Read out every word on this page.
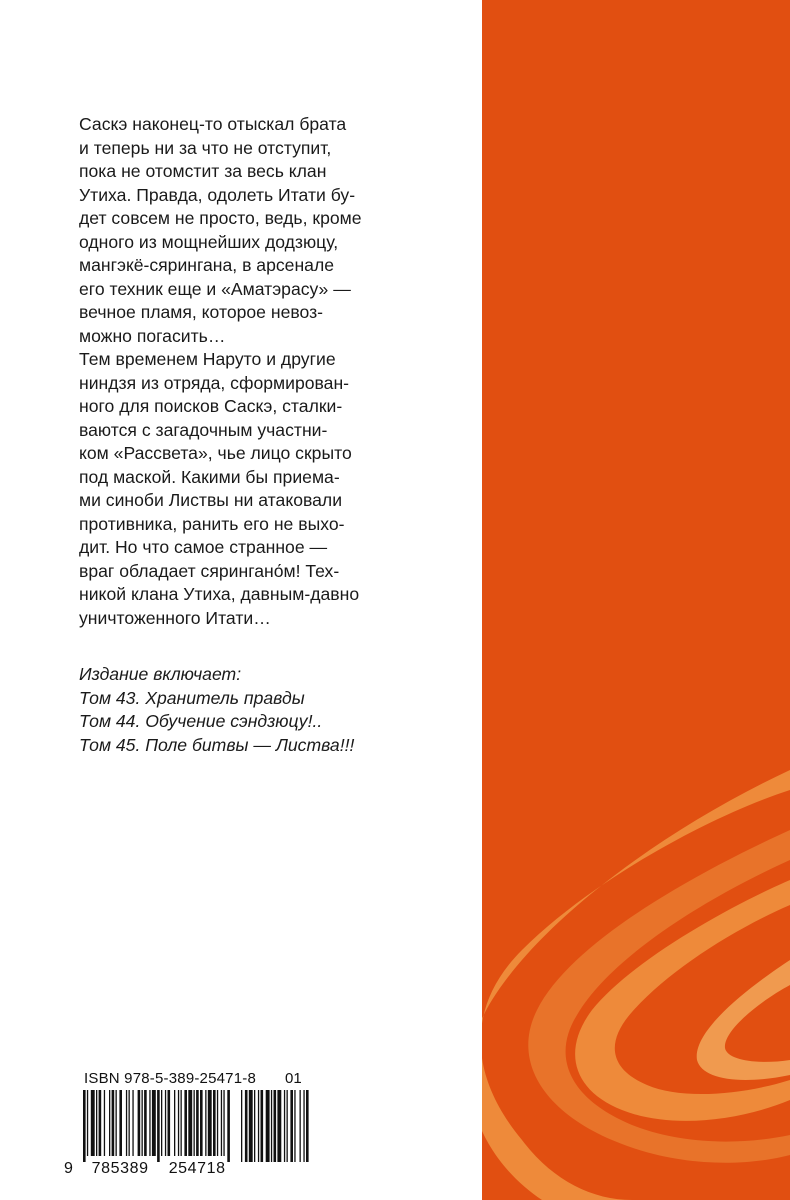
Саскэ наконец-то отыскал брата
и теперь ни за что не отступит,
пока не отомстит за весь клан
Утиха. Правда, одолеть Итати бу-
дет совсем не просто, ведь, кроме
одного из мощнейших додзюцу,
мангэкё-сярингана, в арсенале
его техник еще и «Аматэрасу» —
вечное пламя, которое невоз-
можно погасить…
Тем временем Наруто и другие
ниндзя из отряда, сформирован-
ного для поисков Саскэ, сталки-
ваются с загадочным участни-
ком «Рассвета», чье лицо скрыто
под маской. Какими бы приема-
ми синоби Листвы ни атаковали
противника, ранить его не выхо-
дит. Но что самое странное —
враг обладает сярингано́м! Тех-
никой клана Утиха, давным-давно
уничтоженного Итати…
Издание включает:
Том 43. Хранитель правды
Том 44. Обучение сэндзюцу!..
Том 45. Поле битвы — Листва!!!
ISBN 978-5-389-25471-8 01
9 785389 254718
